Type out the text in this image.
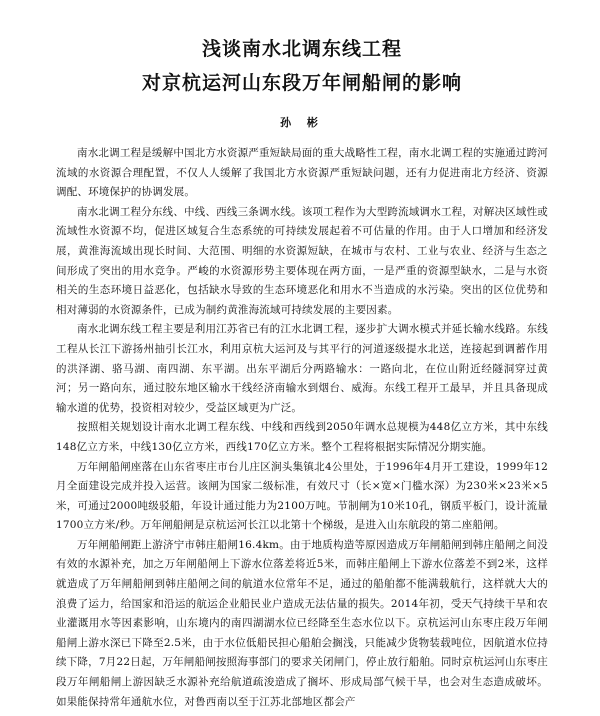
浅谈南水北调东线工程
对京杭运河山东段万年闸船闸的影响
孙 彬

南水北调工程是缓解中国北方水资源严重短缺局面的重大战略性工程，南水北调工程的实施通过跨河流域的水资源合理配置，不仅人人缓解了我国北方水资源严重短缺问题，还有力促进南北方经济、资源调配、环境保护的协调发展。

南水北调工程分东线、中线、西线三条调水线。该项工程作为大型跨流域调水工程，对解决区域性或流域性水资源不均，促进区域复合生态系统的可持续发展起着不可估量的作用。由于人口增加和经济发展，黄淮海流域出现长时间、大范围、明细的水资源短缺，在城市与农村、工业与农业、经济与生态之间形成了突出的用水竞争。严峻的水资源形势主要体现在两方面，一是严重的资源型缺水，二是与水资相关的生态环境日益恶化，包括缺水导致的生态环境恶化和用水不当造成的水污染。突出的区位优势和相对薄弱的水资源条件，已成为制约黄淮海流域可持续发展的主要因素。

南水北调东线工程主要是利用江苏省已有的江水北调工程，逐步扩大调水模式并延长输水线路。东线工程从长江下游扬州抽引长江水，利用京杭大运河及与其平行的河道逐级提水北送，连接起到调蓄作用的洪泽湖、骆马湖、南四湖、东平湖。出东平湖后分两路输水：一路向北，在位山附近经隧洞穿过黄河；另一路向东，通过胶东地区输水干线经济南输水到烟台、威海。东线工程开工最早，并且具备现成输水道的优势，投资相对较少，受益区域更为广泛。

按照相关规划设计南水北调工程东线、中线和西线到2050年调水总规模为448亿立方米，其中东线148亿立方米，中线130亿立方米，西线170亿立方米。整个工程将根据实际情况分期实施。

万年闸船闸座落在山东省枣庄市台儿庄区涧头集镇北4公里处，于1996年4月开工建设，1999年12月全面建设完成并投入运营。该闸为国家二级标准，有效尺寸（长×宽×门槛水深）为230米×23米×5米，可通过2000吨级驳船，年设计通过能力为2100万吨。节制闸为10米10孔，钢质平板门，设计流量1700立方米/秒。万年闸船闸是京杭运河长江以北第十个梯级，是进入山东航段的第二座船闸。

万年闸船闸距上游济宁市韩庄船闸16.4km。由于地质构造等原因造成万年闸船闸到韩庄船闸之间没有效的水源补充，加之万年闸船闸上下游水位落差将近5米，而韩庄船闸上下游水位落差不到2米，这样就造成了万年闸船闸到韩庄船闸之间的航道水位常年不足，通过的船舶都不能满载航行，这样就大大的浪费了运力，给国家和沿运的航运企业船民业户造成无法估量的损失。2014年初，受天气持续干旱和农业灌溉用水等因素影响，山东境内的南四湖湖水位已经降至生态水位以下。京杭运河山东枣庄段万年闸船闸上游水深已下降至2.5米，由于水位低船民担心船舶会搁浅，只能减少货物装载吨位，因航道水位持续下降，7月22日起，万年闸船闸按照海事部门的要求关闭闸门，停止放行船舶。同时京杭运河山东枣庄段万年闸船闸上游因缺乏水源补充给航道疏浚造成了搁坏、形成局部气候干旱，也会对生态造成破坏。如果能保持常年通航水位，对鲁西南以至于江苏北部地区都会产
